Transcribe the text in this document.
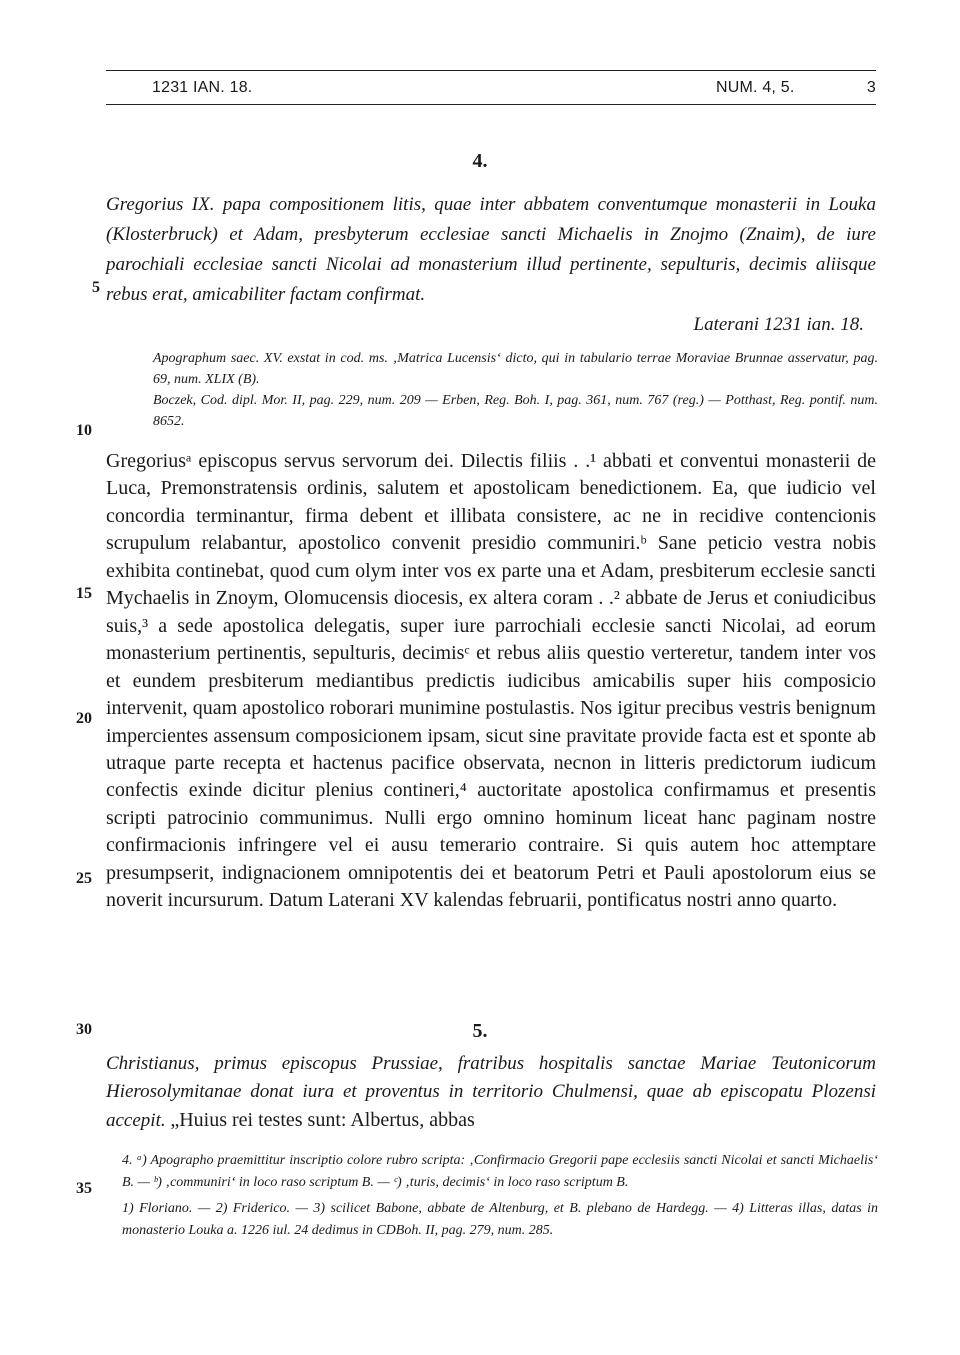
1231 IAN. 18.	NUM. 4, 5.	3
4.
Gregorius IX. papa compositionem litis, quae inter abbatem conventumque monasterii in Louka (Klosterbruck) et Adam, presbyterum ecclesiae sancti Michaelis in Znojmo (Znaim), de iure parochiali ecclesiae sancti Nicolai ad monasterium illud pertinente, sepulturis, decimis aliisque rebus erat, amicabiliter factam confirmat.
Laterani 1231 ian. 18.

Apographum saec. XV. exstat in cod. ms. ‚Matrica Lucensis‘ dicto, qui in tabulario terrae Moraviae Brunnae asservatur, pag. 69, num. XLIX (B).

Boczek, Cod. dipl. Mor. II, pag. 229, num. 209 — Erben, Reg. Boh. I, pag. 361, num. 767 (reg.) — Potthast, Reg. pontif. num. 8652.

Gregoriusᵃ episcopus servus servorum dei. Dilectis filiis . .¹ abbati et conventui monasterii de Luca, Premonstratensis ordinis, salutem et apostolicam benedictionem. Ea, que iudicio vel concordia terminantur, firma debent et illibata consistere, ac ne in recidive contencionis scrupulum relabantur, apostolico convenit presidio communiri.ᵇ Sane peticio vestra nobis exhibita continebat, quod cum olym inter vos ex parte una et Adam, presbiterum ecclesie sancti Mychaelis in Znoym, Olomucensis diocesis, ex altera coram . .² abbate de Jerus et coniudicibus suis,³ a sede apostolica delegatis, super iure parrochiali ecclesie sancti Nicolai, ad eorum monasterium pertinentis, sepulturis, decimisᶜ et rebus aliis questio verteretur, tandem inter vos et eundem presbiterum mediantibus predictis iudicibus amicabilis super hiis composicio intervenit, quam apostolico roborari munimine postulastis. Nos igitur precibus vestris benignum impercientes assensum composicionem ipsam, sicut sine pravitate provide facta est et sponte ab utraque parte recepta et hactenus pacifice observata, necnon in litteris predictorum iudicum confectis exinde dicitur plenius contineri,⁴ auctoritate apostolica confirmamus et presentis scripti patrocinio communimus. Nulli ergo omnino hominum liceat hanc paginam nostre confirmacionis infringere vel ei ausu temerario contraire. Si quis autem hoc attemptare presumpserit, indignacionem omnipotentis dei et beatorum Petri et Pauli apostolorum eius se noverit incursurum. Datum Laterani XV kalendas februarii, pontificatus nostri anno quarto.
5.
Christianus, primus episcopus Prussiae, fratribus hospitalis sanctae Mariae Teutonicorum Hierosolymitanae donat iura et proventus in territorio Chulmensi, quae ab episcopatu Plozensi accepit. „Huius rei testes sunt: Albertus, abbas

4. ᵃ) Apographo praemittitur inscriptio colore rubro scripta: ‚Confirmacio Gregorii pape ecclesiis sancti Nicolai et sancti Michaelis‘ B. — ᵇ) ‚communiri‘ in loco raso scriptum B. — ᶜ) ‚turis, decimis‘ in loco raso scriptum B.

1) Floriano. — 2) Friderico. — 3) scilicet Babone, abbate de Altenburg, et B. plebano de Hardegg. — 4) Litteras illas, datas in monasterio Louka a. 1226 iul. 24 dedimus in CDBoh. II, pag. 279, num. 285.

5
10
15
20
25
30
35
